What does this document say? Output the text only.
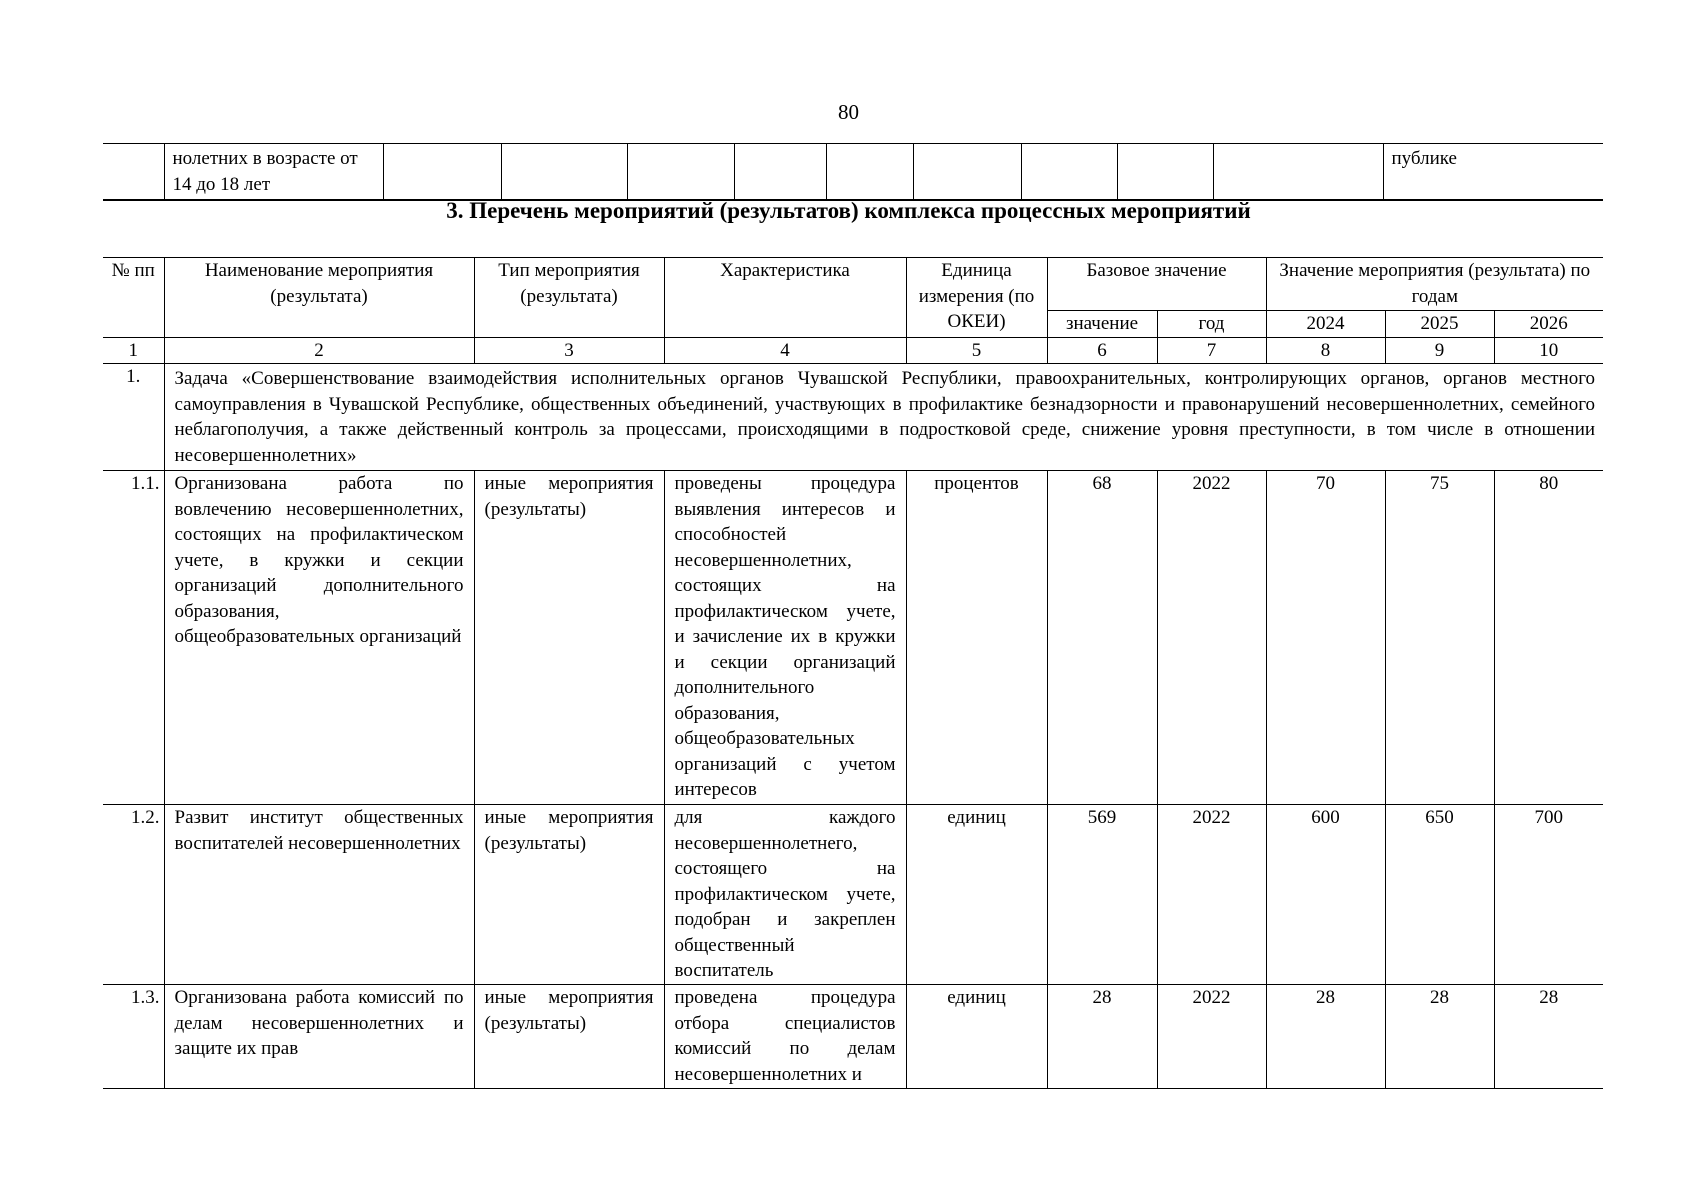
80
	нолетних в возрасте от 14 до 18 лет										публике
3. Перечень мероприятий (результатов) комплекса процессных мероприятий
№ пп	Наименование мероприятия (результата)	Тип мероприятия (результата)	Характеристика	Единица измерения (по ОКЕИ)	Базовое значение		Значение мероприятия (результата) по годам		
					значение	год	2024	2025	2026
1	2	3	4	5	6	7	8	9	10
1.	Задача «Совершенствование взаимодействия исполнительных органов Чувашской Республики, правоохранительных, контролирующих органов, органов местного самоуправления в Чувашской Республике, общественных объединений, участвующих в профилактике безнадзорности и правонарушений несовершеннолетних, семейного неблагополучия, а также действенный контроль за процессами, происходящими в подростковой среде, снижение уровня преступности, в том числе в отношении несовершеннолетних»								
1.1.	Организована работа по вовлечению несовершеннолетних, состоящих на профилактическом учете, в кружки и секции организаций дополнительного образования, общеобразовательных организаций	иные мероприятия (результаты)	проведены процедура выявления интересов и способностей несовершеннолетних, состоящих на профилактическом учете, и зачисление их в кружки и секции организаций дополнительного образования, общеобразовательных организаций с учетом интересов	процентов	68	2022	70	75	80
1.2.	Развит институт общественных воспитателей несовершеннолетних	иные мероприятия (результаты)	для каждого несовершеннолетнего, состоящего на профилактическом учете, подобран и закреплен общественный воспитатель	единиц	569	2022	600	650	700
1.3.	Организована работа комиссий по делам несовершеннолетних и защите их прав	иные мероприятия (результаты)	проведена процедура отбора специалистов комиссий по делам несовершеннолетних и	единиц	28	2022	28	28	28
